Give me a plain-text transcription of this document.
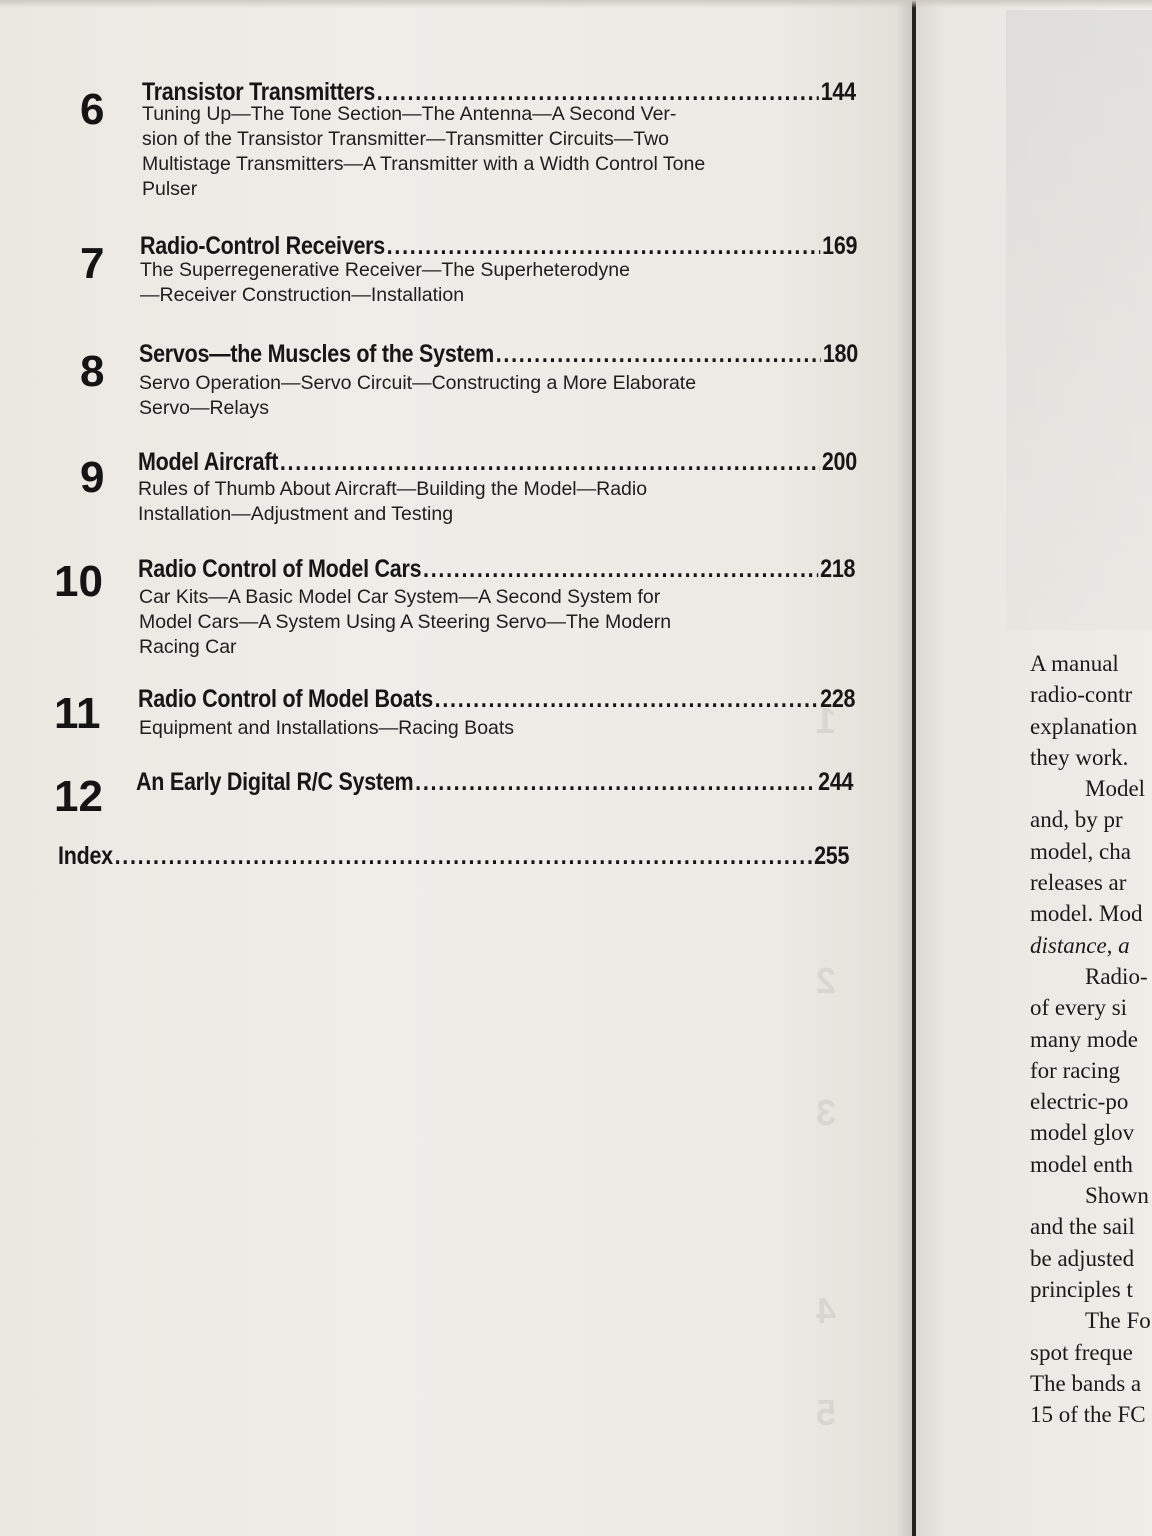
1
2
3
4
5
6 Transistor Transmitters .....	144
Tuning Up—The Tone Section—The Antenna—A Second Ver-
sion of the Transistor Transmitter—Transmitter Circuits—Two
Multistage Transmitters—A Transmitter with a Width Control Tone
Pulser
7 Radio-Control Receivers .....	169
The Superregenerative Receiver—The Superheterodyne
—Receiver Construction—Installation
8 Servos—the Muscles of the System .....	180
Servo Operation—Servo Circuit—Constructing a More Elaborate
Servo—Relays
9 Model Aircraft .....	200
Rules of Thumb About Aircraft—Building the Model—Radio
Installation—Adjustment and Testing
10 Radio Control of Model Cars .....	218
Car Kits—A Basic Model Car System—A Second System for
Model Cars—A System Using A Steering Servo—The Modern
Racing Car
11 Radio Control of Model Boats .....	228
Equipment and Installations—Racing Boats
12 An Early Digital R/C System .....	244
Index .....	255
A manual
radio-contr
explanation
they work.
Model
and, by pr
model, cha
releases ar
model. Mod
distance, a
Radio-
of every si
many mode
for racing
electric-po
model glov
model enth
Shown
and the sail
be adjusted
principles t
The Fo
spot freque
The bands a
15 of the FC
